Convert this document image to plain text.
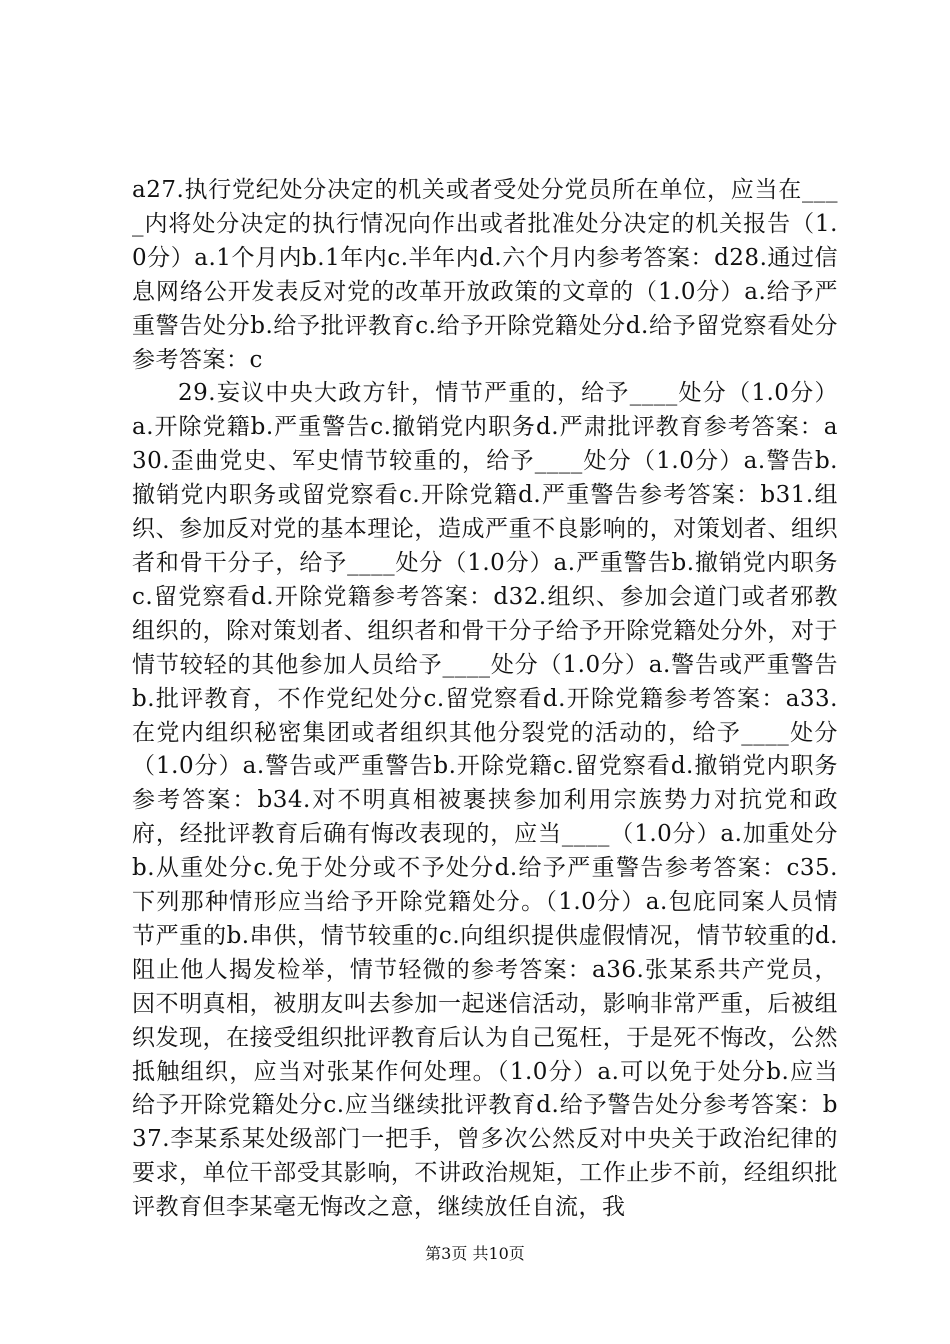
a27.执行党纪处分决定的机关或者受处分党员所在单位，应当在____内将处分决定的执行情况向作出或者批准处分决定的机关报告（1.0分）a.1个月内b.1年内c.半年内d.六个月内参考答案：d28.通过信息网络公开发表反对党的改革开放政策的文章的（1.0分）a.给予严重警告处分b.给予批评教育c.给予开除党籍处分d.给予留党察看处分参考答案：c

29.妄议中央大政方针，情节严重的，给予____处分（1.0分）a.开除党籍b.严重警告c.撤销党内职务d.严肃批评教育参考答案：a30.歪曲党史、军史情节较重的，给予____处分（1.0分）a.警告b.撤销党内职务或留党察看c.开除党籍d.严重警告参考答案：b31.组织、参加反对党的基本理论，造成严重不良影响的，对策划者、组织者和骨干分子，给予____处分（1.0分）a.严重警告b.撤销党内职务c.留党察看d.开除党籍参考答案：d32.组织、参加会道门或者邪教组织的，除对策划者、组织者和骨干分子给予开除党籍处分外，对于情节较轻的其他参加人员给予____处分（1.0分）a.警告或严重警告b.批评教育，不作党纪处分c.留党察看d.开除党籍参考答案：a33.在党内组织秘密集团或者组织其他分裂党的活动的，给予____处分（1.0分）a.警告或严重警告b.开除党籍c.留党察看d.撤销党内职务参考答案：b34.对不明真相被裹挟参加利用宗族势力对抗党和政府，经批评教育后确有悔改表现的，应当____（1.0分）a.加重处分b.从重处分c.免于处分或不予处分d.给予严重警告参考答案：c35.下列那种情形应当给予开除党籍处分。（1.0分）a.包庇同案人员情节严重的b.串供，情节较重的c.向组织提供虚假情况，情节较重的d.阻止他人揭发检举，情节轻微的参考答案：a36.张某系共产党员，因不明真相，被朋友叫去参加一起迷信活动，影响非常严重，后被组织发现，在接受组织批评教育后认为自己冤枉，于是死不悔改，公然抵触组织，应当对张某作何处理。（1.0分）a.可以免于处分b.应当给予开除党籍处分c.应当继续批评教育d.给予警告处分参考答案：b37.李某系某处级部门一把手，曾多次公然反对中央关于政治纪律的要求，单位干部受其影响，不讲政治规矩，工作止步不前，经组织批评教育但李某毫无悔改之意，继续放任自流，我

第3页 共10页
